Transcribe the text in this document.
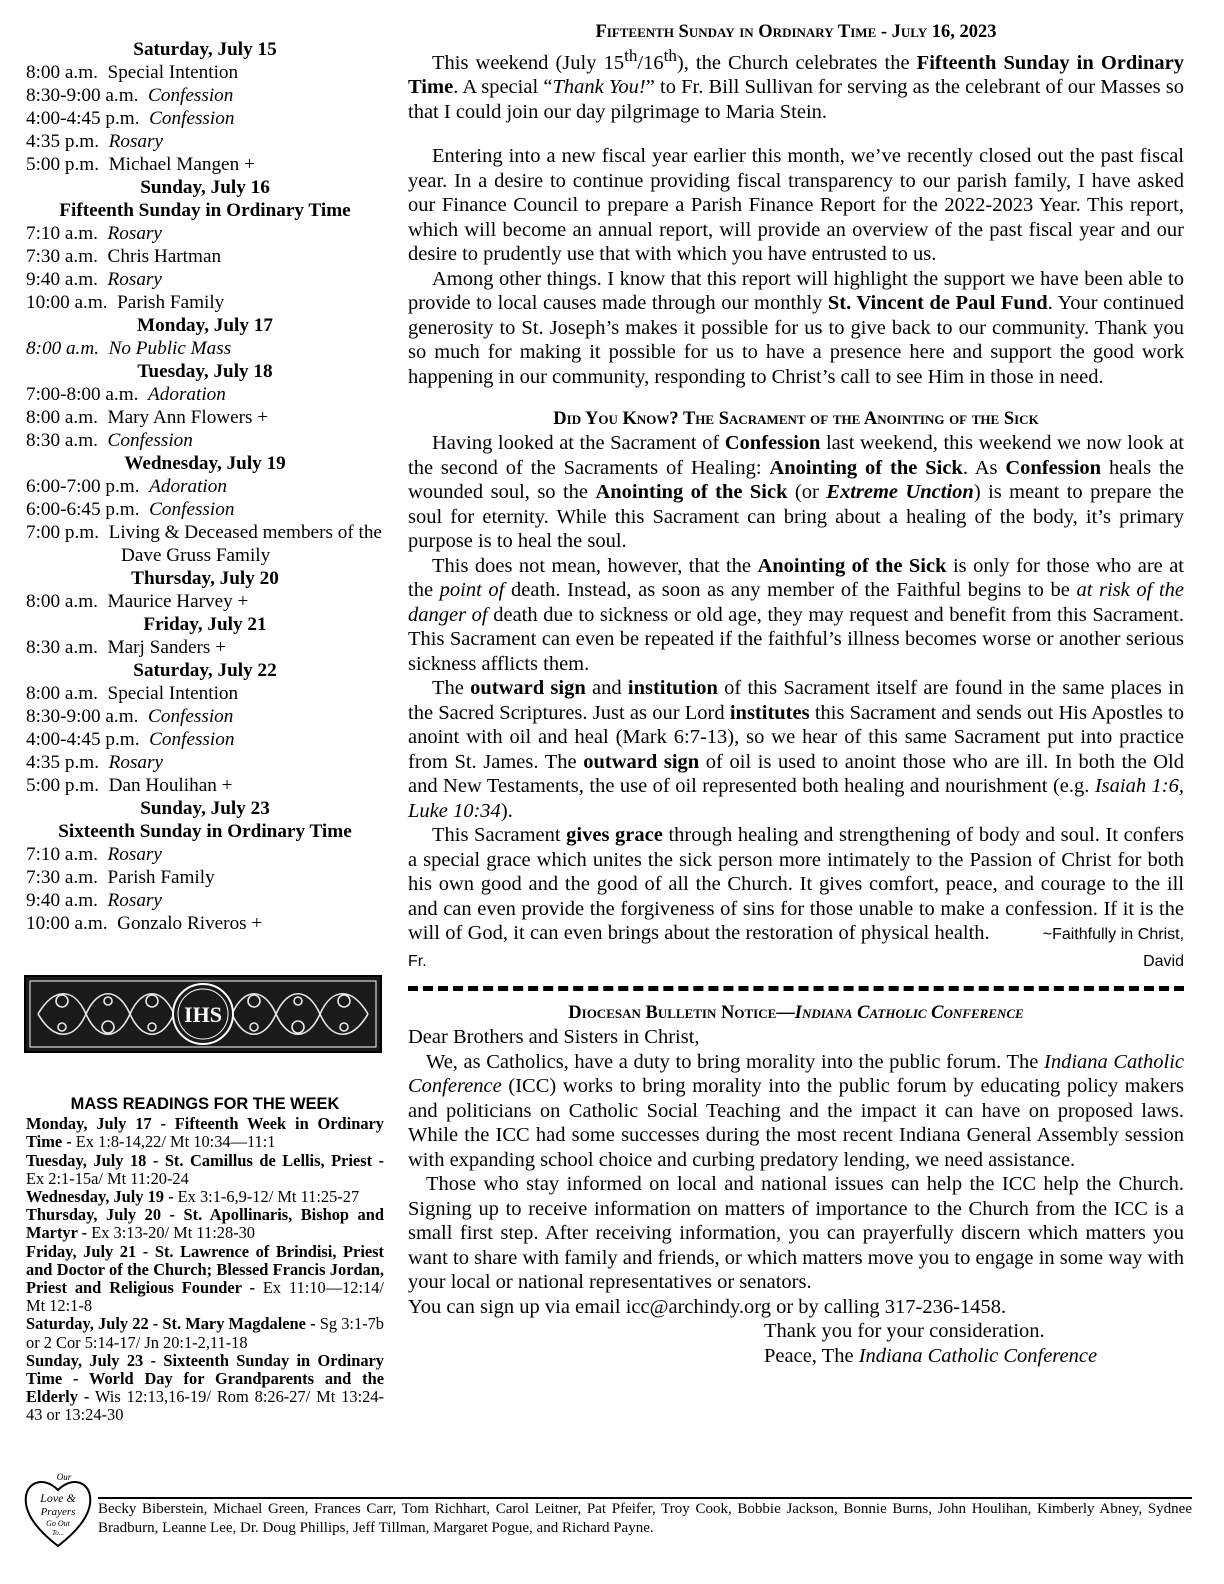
Saturday, July 15
8:00 a.m. Special Intention
8:30-9:00 a.m. Confession
4:00-4:45 p.m. Confession
4:35 p.m. Rosary
5:00 p.m. Michael Mangen +
Sunday, July 16
Fifteenth Sunday in Ordinary Time
7:10 a.m. Rosary
7:30 a.m. Chris Hartman
9:40 a.m. Rosary
10:00 a.m. Parish Family
Monday, July 17
8:00 a.m. No Public Mass
Tuesday, July 18
7:00-8:00 a.m. Adoration
8:00 a.m. Mary Ann Flowers +
8:30 a.m. Confession
Wednesday, July 19
6:00-7:00 p.m. Adoration
6:00-6:45 p.m. Confession
7:00 p.m. Living & Deceased members of the Dave Gruss Family
Thursday, July 20
8:00 a.m. Maurice Harvey +
Friday, July 21
8:30 a.m. Marj Sanders +
Saturday, July 22
8:00 a.m. Special Intention
8:30-9:00 a.m. Confession
4:00-4:45 p.m. Confession
4:35 p.m. Rosary
5:00 p.m. Dan Houlihan +
Sunday, July 23
Sixteenth Sunday in Ordinary Time
7:10 a.m. Rosary
7:30 a.m. Parish Family
9:40 a.m. Rosary
10:00 a.m. Gonzalo Riveros +
IHS
MASS READINGS FOR THE WEEK
Monday, July 17 - Fifteenth Week in Ordinary Time - Ex 1:8-14,22/ Mt 10:34—11:1
Tuesday, July 18 - St. Camillus de Lellis, Priest - Ex 2:1-15a/ Mt 11:20-24
Wednesday, July 19 - Ex 3:1-6,9-12/ Mt 11:25-27
Thursday, July 20 - St. Apollinaris, Bishop and Martyr - Ex 3:13-20/ Mt 11:28-30
Friday, July 21 - St. Lawrence of Brindisi, Priest and Doctor of the Church; Blessed Francis Jordan, Priest and Religious Founder - Ex 11:10—12:14/ Mt 12:1-8
Saturday, July 22 - St. Mary Magdalene - Sg 3:1-7b or 2 Cor 5:14-17/ Jn 20:1-2,11-18
Sunday, July 23 - Sixteenth Sunday in Ordinary Time - World Day for Grandparents and the Elderly - Wis 12:13,16-19/ Rom 8:26-27/ Mt 13:24-43 or 13:24-30
Fifteenth Sunday in Ordinary Time - July 16, 2023

This weekend (July 15th/16th), the Church celebrates the Fifteenth Sunday in Ordinary Time. A special “Thank You!” to Fr. Bill Sullivan for serving as the celebrant of our Masses so that I could join our day pilgrimage to Maria Stein.

Entering into a new fiscal year earlier this month, we’ve recently closed out the past fiscal year. In a desire to continue providing fiscal transparency to our parish family, I have asked our Finance Council to prepare a Parish Finance Report for the 2022-2023 Year. This report, which will become an annual report, will provide an overview of the past fiscal year and our desire to prudently use that with which you have entrusted to us.

Among other things. I know that this report will highlight the support we have been able to provide to local causes made through our monthly St. Vincent de Paul Fund. Your continued generosity to St. Joseph’s makes it possible for us to give back to our community. Thank you so much for making it possible for us to have a presence here and support the good work happening in our community, responding to Christ’s call to see Him in those in need.

Did You Know? The Sacrament of the Anointing of the Sick

Having looked at the Sacrament of Confession last weekend, this weekend we now look at the second of the Sacraments of Healing: Anointing of the Sick. As Confession heals the wounded soul, so the Anointing of the Sick (or Extreme Unction) is meant to prepare the soul for eternity. While this Sacrament can bring about a healing of the body, it’s primary purpose is to heal the soul.

This does not mean, however, that the Anointing of the Sick is only for those who are at the point of death. Instead, as soon as any member of the Faithful begins to be at risk of the danger of death due to sickness or old age, they may request and benefit from this Sacrament. This Sacrament can even be repeated if the faithful’s illness becomes worse or another serious sickness afflicts them.

The outward sign and institution of this Sacrament itself are found in the same places in the Sacred Scriptures. Just as our Lord institutes this Sacrament and sends out His Apostles to anoint with oil and heal (Mark 6:7-13), so we hear of this same Sacrament put into practice from St. James. The outward sign of oil is used to anoint those who are ill. In both the Old and New Testaments, the use of oil represented both healing and nourishment (e.g. Isaiah 1:6, Luke 10:34).

This Sacrament gives grace through healing and strengthening of body and soul. It confers a special grace which unites the sick person more intimately to the Passion of Christ for both his own good and the good of all the Church. It gives comfort, peace, and courage to the ill and can even provide the forgiveness of sins for those unable to make a confession. If it is the will of God, it can even brings about the restoration of physical health.	~Faithfully in Christ, Fr. David

Diocesan Bulletin Notice—Indiana Catholic Conference

Dear Brothers and Sisters in Christ,

We, as Catholics, have a duty to bring morality into the public forum. The Indiana Catholic Conference (ICC) works to bring morality into the public forum by educating policy makers and politicians on Catholic Social Teaching and the impact it can have on proposed laws. While the ICC had some successes during the most recent Indiana General Assembly session with expanding school choice and curbing predatory lending, we need assistance.

Those who stay informed on local and national issues can help the ICC help the Church. Signing up to receive information on matters of importance to the Church from the ICC is a small first step. After receiving information, you can prayerfully discern which matters you want to share with family and friends, or which matters move you to engage in some way with your local or national representatives or senators.

You can sign up via email icc@archindy.org or by calling 317-236-1458.

Thank you for your consideration.
Peace, The Indiana Catholic Conference
Our
Love &
Prayers
Go Out
To...
Becky Biberstein, Michael Green, Frances Carr, Tom Richhart, Carol Leitner, Pat Pfeifer, Troy Cook, Bobbie Jackson, Bonnie Burns, John Houlihan, Kimberly Abney, Sydnee Bradburn, Leanne Lee, Dr. Doug Phillips, Jeff Tillman, Margaret Pogue, and Richard Payne.
